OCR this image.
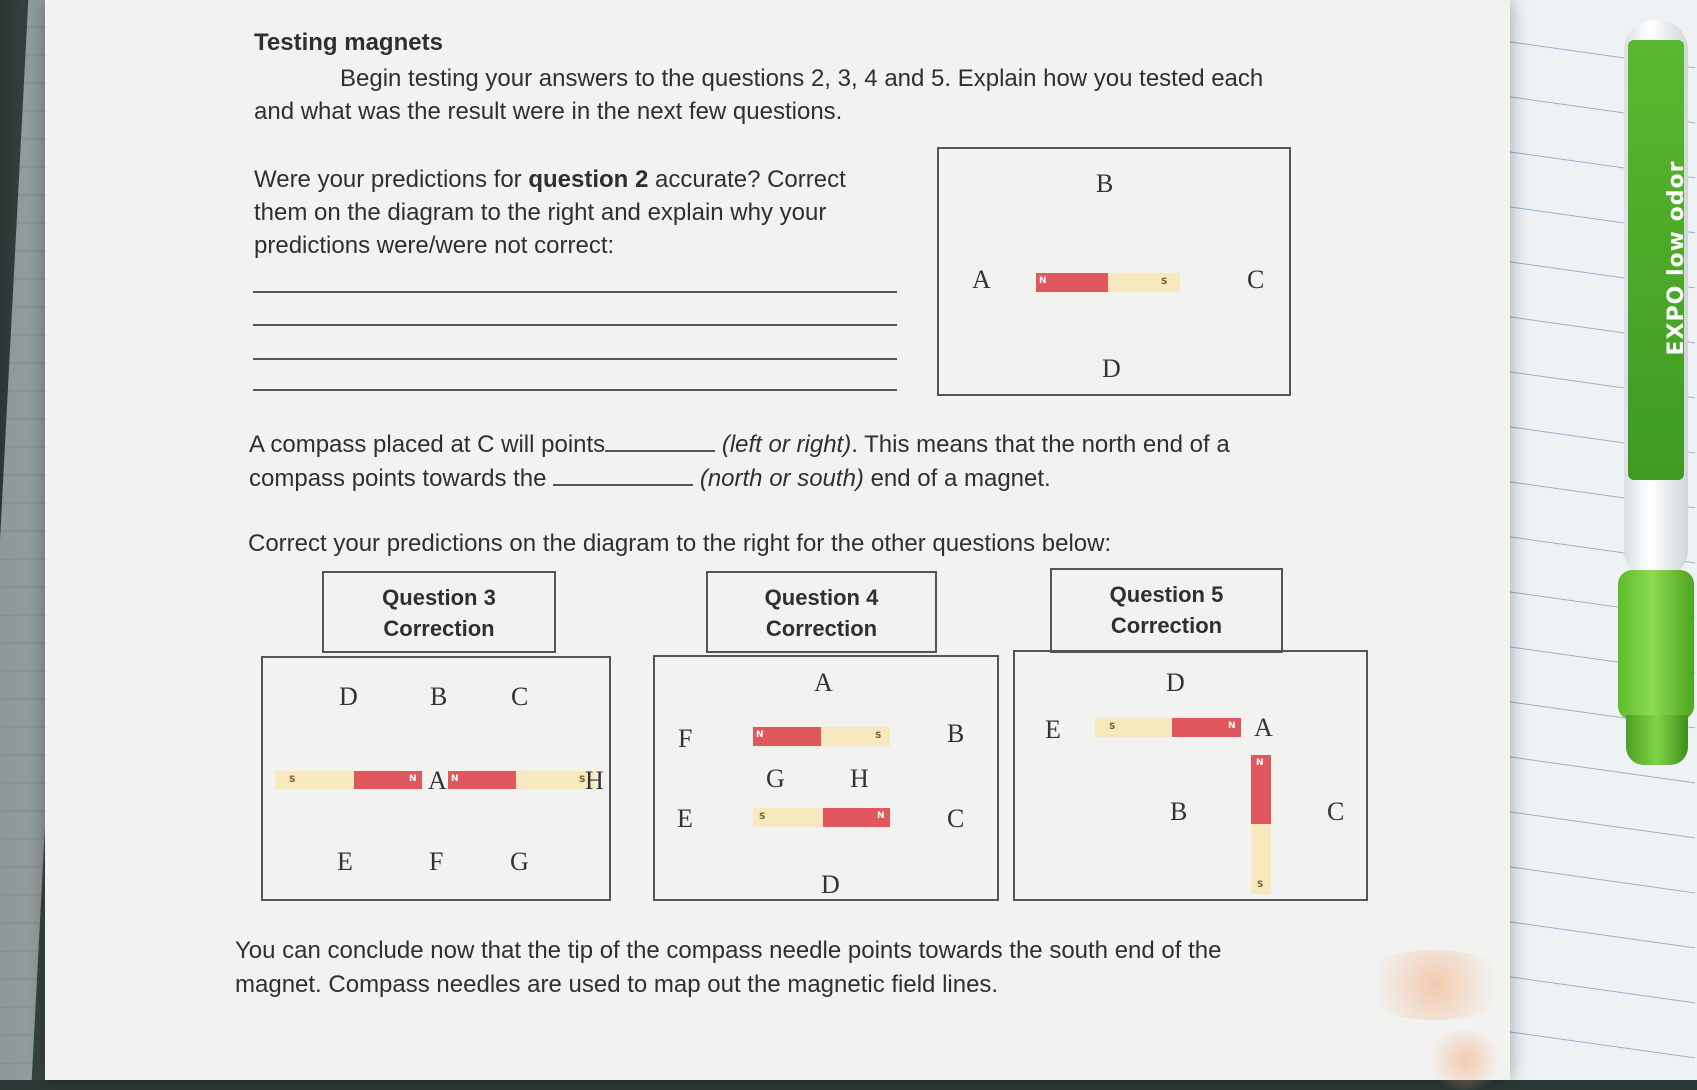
EXPO low odor
Testing magnets
Begin testing your answers to the questions 2, 3, 4 and 5. Explain how you tested each
and what was the result were in the next few questions.
Were your predictions for question 2 accurate? Correct
them on the diagram to the right and explain why your
predictions were/were not correct:
B
A	C
D
N	S
A compass placed at C will points	(left or right). This means that the north end of a
compass points towards the	(north or south) end of a magnet.
Correct your predictions on the diagram to the right for the other questions below:
Question 3
Correction
Question 4
Correction
Question 5
Correction
D	B C
S	N A N	S H
E	F	G
A
F	N	S	B
G	H
E	S	N C
D
D
E	S	N A
N
S
B	C
You can conclude now that the tip of the compass needle points towards the south end of the
magnet. Compass needles are used to map out the magnetic field lines.
